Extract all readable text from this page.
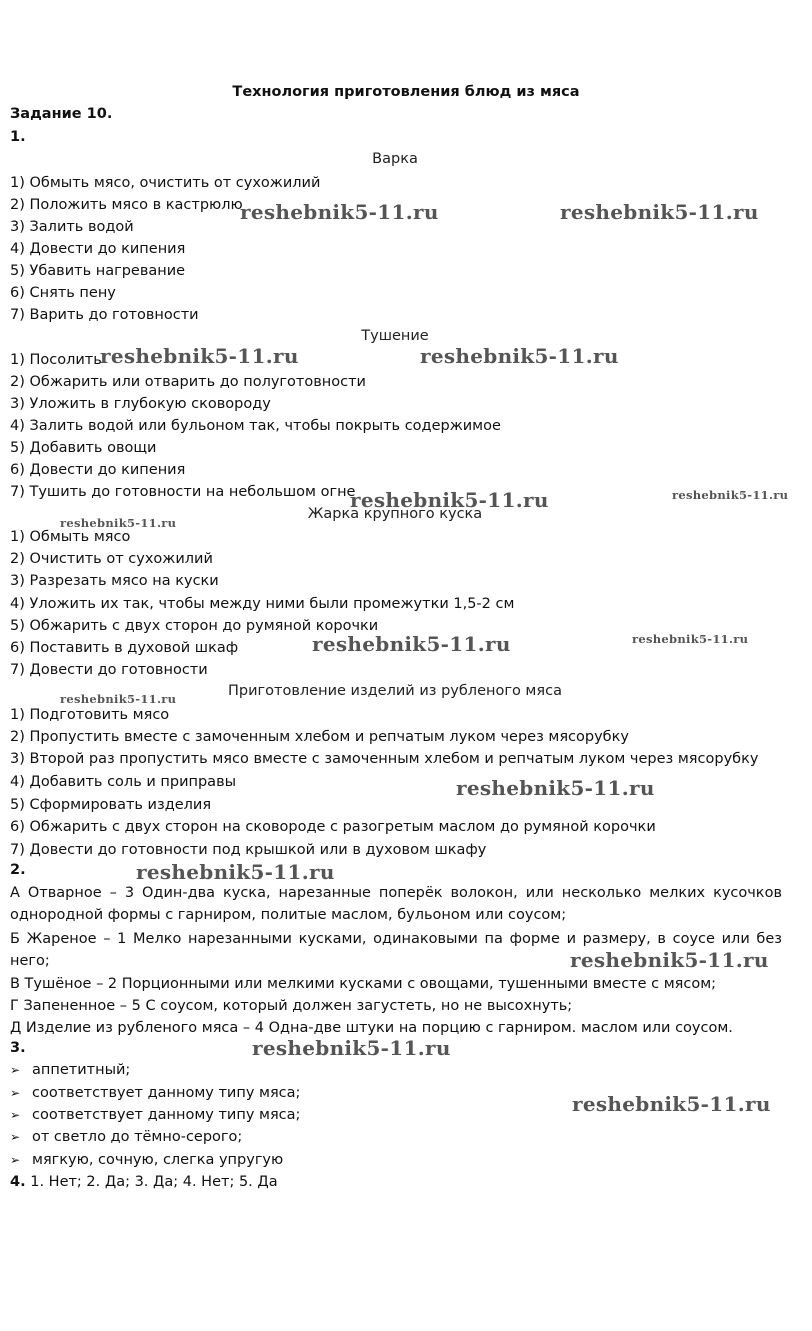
Технология приготовления блюд из мяса
Задание 10.
1.
Варка
1) Обмыть мясо, очистить от сухожилий
2) Положить мясо в кастрюлю
3) Залить водой
4) Довести до кипения
5) Убавить нагревание
6) Снять пену
7) Варить до готовности
Тушение
1) Посолить
2) Обжарить или отварить до полуготовности
3) Уложить в глубокую сковороду
4) Залить водой или бульоном так, чтобы покрыть содержимое
5) Добавить овощи
6) Довести до кипения
7) Тушить до готовности на небольшом огне
Жарка крупного куска
1) Обмыть мясо
2) Очистить от сухожилий
3) Разрезать мясо на куски
4) Уложить их так, чтобы между ними были промежутки 1,5-2 см
5) Обжарить с двух сторон до румяной корочки
6) Поставить в духовой шкаф
7) Довести до готовности
Приготовление изделий из рубленого мяса
1) Подготовить мясо
2) Пропустить вместе с замоченным хлебом и репчатым луком через мясорубку
3) Второй раз пропустить мясо вместе с замоченным хлебом и репчатым луком через мясорубку
4) Добавить соль и приправы
5) Сформировать изделия
6) Обжарить с двух сторон на сковороде с разогретым маслом до румяной корочки
7) Довести до готовности под крышкой или в духовом шкафу
2.
А Отварное – 3 Один-два куска, нарезанные поперёк волокон, или несколько мелких кусочков однородной формы с гарниром, политые маслом, бульоном или соусом;
Б Жареное – 1 Мелко нарезанными кусками, одинаковыми па форме и размеру, в соусе или без него;
В Тушёное – 2 Порционными или мелкими кусками с овощами, тушенными вместе с мясом;
Г Запененное – 5 С соусом, который должен загустеть, но не высохнуть;
Д Изделие из рубленого мяса – 4 Одна-две штуки на порцию с гарниром. маслом или соусом.
3.
➢ аппетитный;
➢ соответствует данному типу мяса;
➢ соответствует данному типу мяса;
➢ от светло до тёмно-серого;
➢ мягкую, сочную, слегка упругую
4. 1. Нет; 2. Да; 3. Да; 4. Нет; 5. Да
reshebnik5-11.ru	reshebnik5-11.ru
reshebnik5-11.ru	reshebnik5-11.ru
reshebnik5-11.ru	reshebnik5-11.ru
reshebnik5-11.ru
reshebnik5-11.ru	reshebnik5-11.ru
reshebnik5-11.ru
reshebnik5-11.ru
reshebnik5-11.ru
reshebnik5-11.ru
reshebnik5-11.ru
reshebnik5-11.ru
